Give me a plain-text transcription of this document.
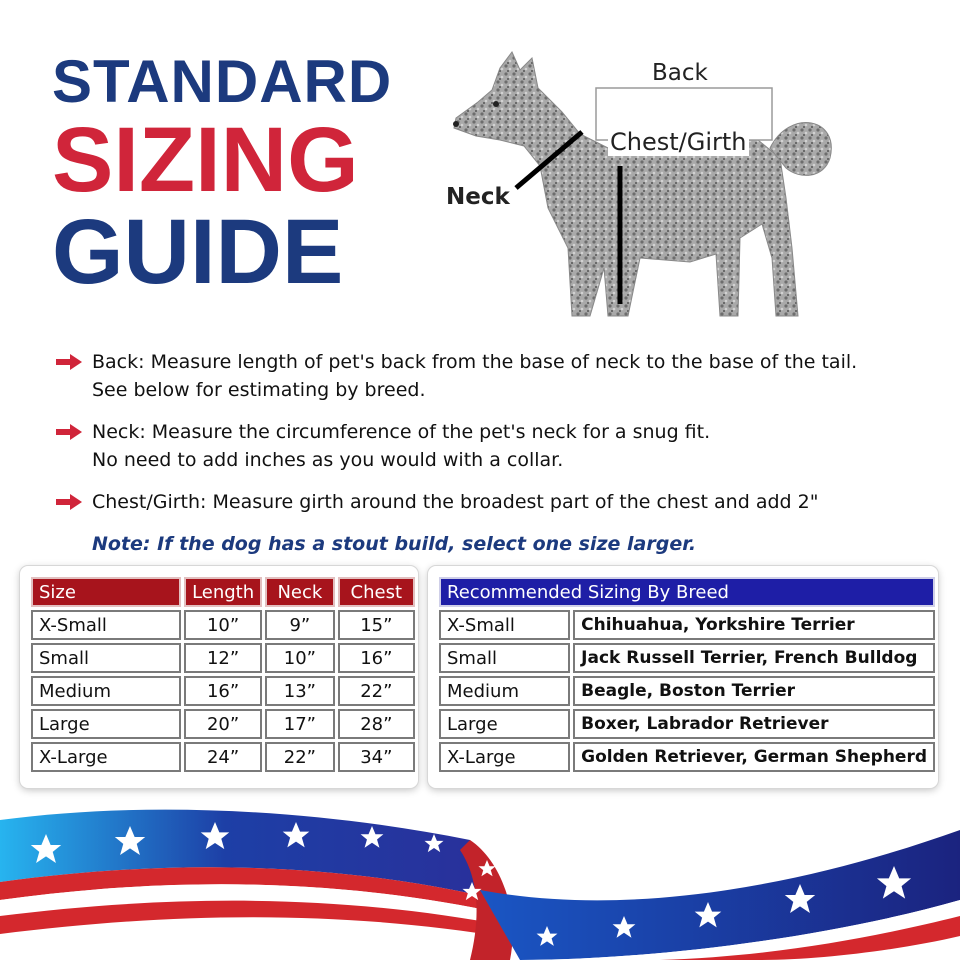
STANDARD
SIZING
GUIDE
Back
Chest/Girth
Neck
Back: Measure length of pet's back from the base of neck to the base of the tail.
See below for estimating by breed.
Neck: Measure the circumference of the pet's neck for a snug fit.
No need to add inches as you would with a collar.
Chest/Girth: Measure girth around the broadest part of the chest and add 2"
Note: If the dog has a stout build, select one size larger.
Size	Length	Neck	Chest
X-Small	10”	9”	15”
Small	12”	10”	16”
Medium	16”	13”	22”
Large	20”	17”	28”
X-Large	24”	22”	34”
Recommended Sizing By Breed	
X-Small	Chihuahua, Yorkshire Terrier
Small	Jack Russell Terrier, French Bulldog
Medium	Beagle, Boston Terrier
Large	Boxer, Labrador Retriever
X-Large	Golden Retriever, German Shepherd
